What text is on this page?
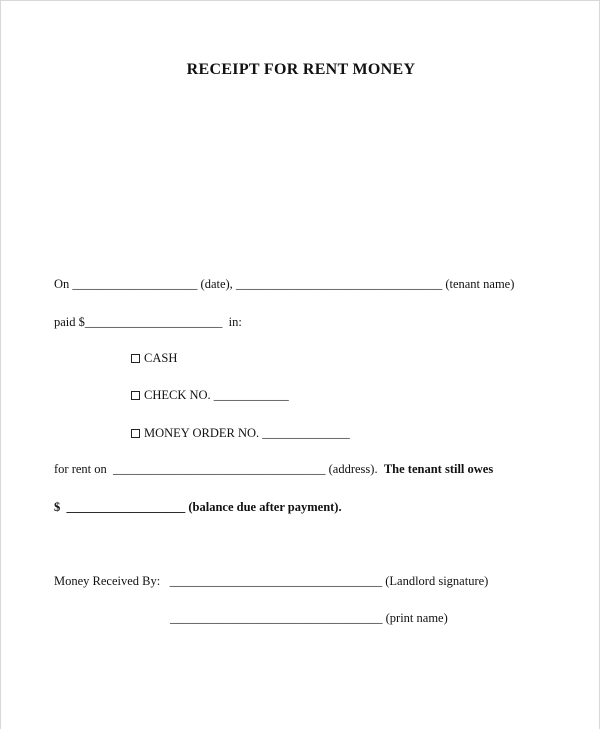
RECEIPT FOR RENT MONEY
On ____________________ (date), _________________________________ (tenant name)
paid $______________________  in:
CASH
CHECK NO. ____________
MONEY ORDER NO. ______________
for rent on  __________________________________ (address).  The tenant still owes
$  ___________________ (balance due after payment).
Money Received By:   __________________________________ (Landlord signature)
__________________________________ (print name)
